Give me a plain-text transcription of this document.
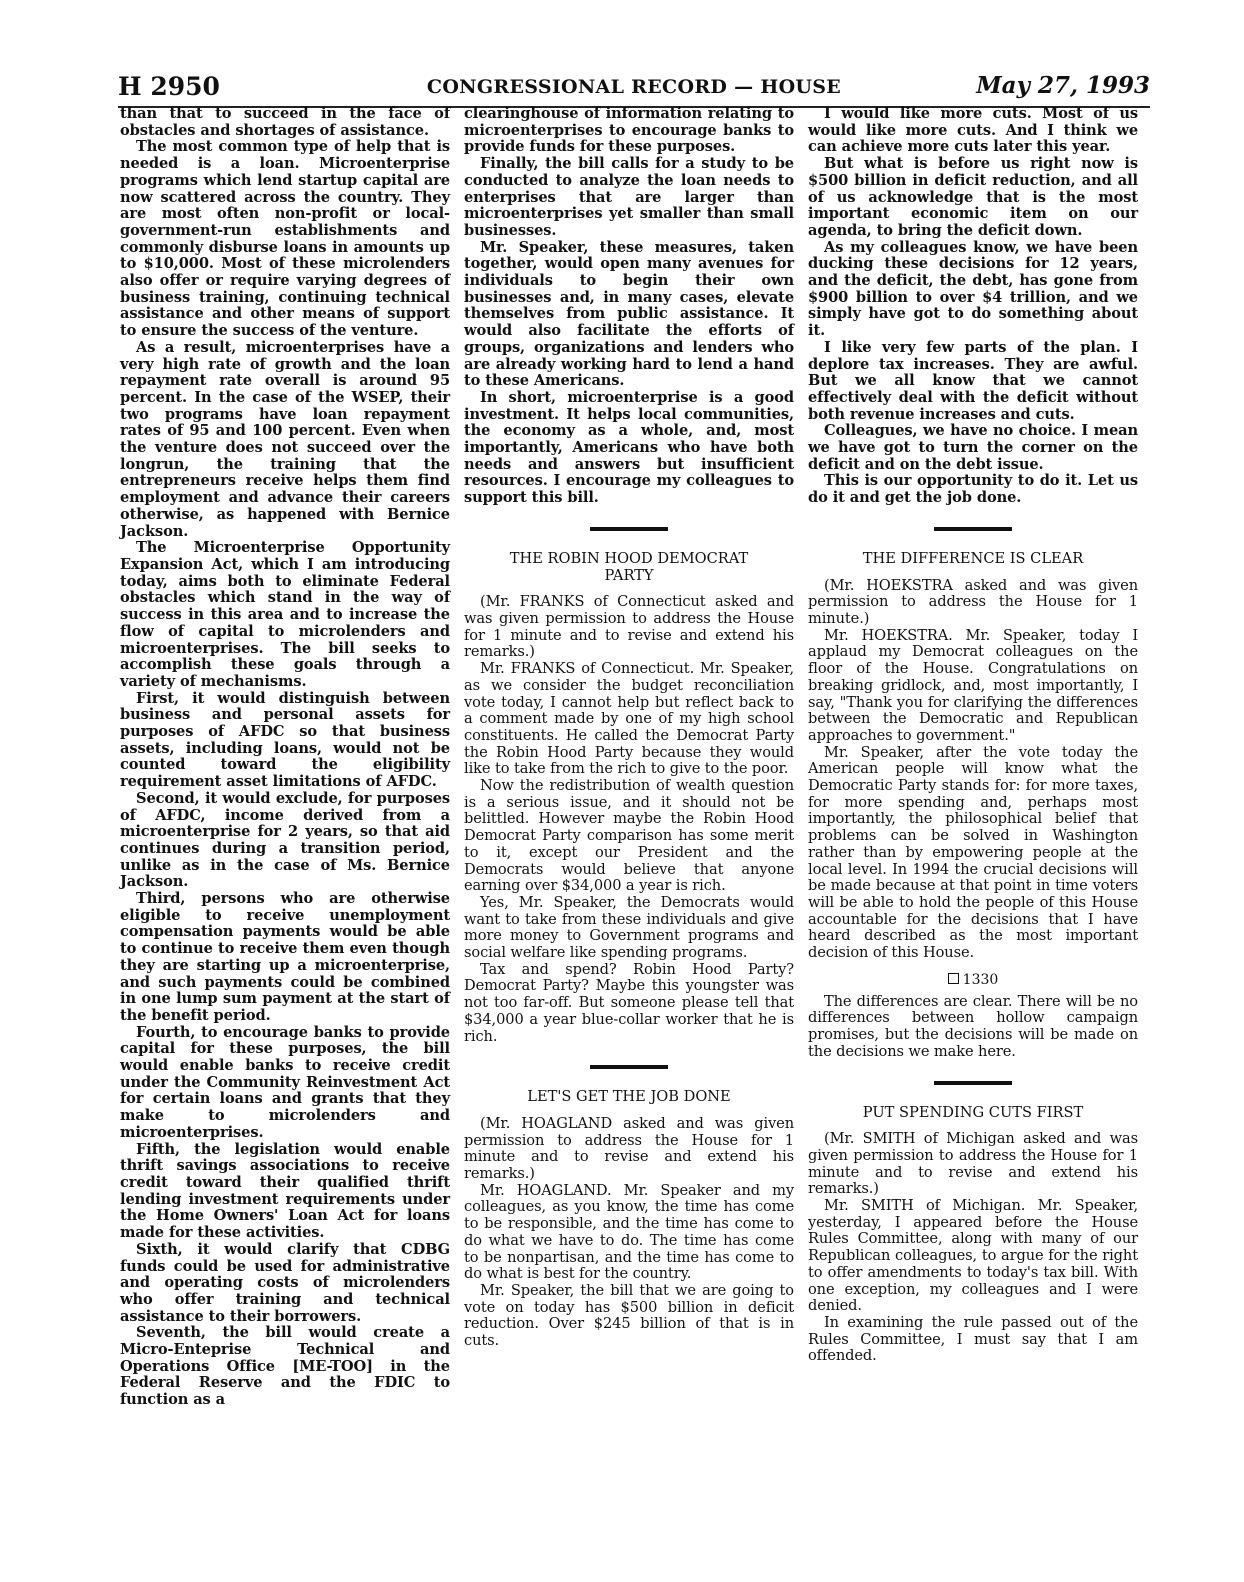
H 2950	CONGRESSIONAL RECORD — HOUSE	May 27, 1993

than that to succeed in the face of obstacles and shortages of assistance.

The most common type of help that is needed is a loan. Microenterprise programs which lend startup capital are now scattered across the country. They are most often non-profit or local-government-run establishments and commonly disburse loans in amounts up to $10,000. Most of these microlenders also offer or require varying degrees of business training, continuing technical assistance and other means of support to ensure the success of the venture.

As a result, microenterprises have a very high rate of growth and the loan repayment rate overall is around 95 percent. In the case of the WSEP, their two programs have loan repayment rates of 95 and 100 percent. Even when the venture does not succeed over the longrun, the training that the entrepreneurs receive helps them find employment and advance their careers otherwise, as happened with Bernice Jackson.

The Microenterprise Opportunity Expansion Act, which I am introducing today, aims both to eliminate Federal obstacles which stand in the way of success in this area and to increase the flow of capital to microlenders and microenterprises. The bill seeks to accomplish these goals through a variety of mechanisms.

First, it would distinguish between business and personal assets for purposes of AFDC so that business assets, including loans, would not be counted toward the eligibility requirement asset limitations of AFDC.

Second, it would exclude, for purposes of AFDC, income derived from a microenterprise for 2 years, so that aid continues during a transition period, unlike as in the case of Ms. Bernice Jackson.

Third, persons who are otherwise eligible to receive unemployment compensation payments would be able to continue to receive them even though they are starting up a microenterprise, and such payments could be combined in one lump sum payment at the start of the benefit period.

Fourth, to encourage banks to provide capital for these purposes, the bill would enable banks to receive credit under the Community Reinvestment Act for certain loans and grants that they make to microlenders and microenterprises.

Fifth, the legislation would enable thrift savings associations to receive credit toward their qualified thrift lending investment requirements under the Home Owners' Loan Act for loans made for these activities.

Sixth, it would clarify that CDBG funds could be used for administrative and operating costs of microlenders who offer training and technical assistance to their borrowers.

Seventh, the bill would create a Micro-Enteprise Technical and Operations Office [ME-TOO] in the Federal Reserve and the FDIC to function as a

clearinghouse of information relating to microenterprises to encourage banks to provide funds for these purposes.

Finally, the bill calls for a study to be conducted to analyze the loan needs to enterprises that are larger than microenterprises yet smaller than small businesses.

Mr. Speaker, these measures, taken together, would open many avenues for individuals to begin their own businesses and, in many cases, elevate themselves from public assistance. It would also facilitate the efforts of groups, organizations and lenders who are already working hard to lend a hand to these Americans.

In short, microenterprise is a good investment. It helps local communities, the economy as a whole, and, most importantly, Americans who have both needs and answers but insufficient resources. I encourage my colleagues to support this bill.

THE ROBIN HOOD DEMOCRAT
PARTY

(Mr. FRANKS of Connecticut asked and was given permission to address the House for 1 minute and to revise and extend his remarks.)

Mr. FRANKS of Connecticut. Mr. Speaker, as we consider the budget reconciliation vote today, I cannot help but reflect back to a comment made by one of my high school constituents. He called the Democrat Party the Robin Hood Party because they would like to take from the rich to give to the poor.

Now the redistribution of wealth question is a serious issue, and it should not be belittled. However maybe the Robin Hood Democrat Party comparison has some merit to it, except our President and the Democrats would believe that anyone earning over $34,000 a year is rich.

Yes, Mr. Speaker, the Democrats would want to take from these individuals and give more money to Government programs and social welfare like spending programs.

Tax and spend? Robin Hood Party? Democrat Party? Maybe this youngster was not too far-off. But someone please tell that $34,000 a year blue-collar worker that he is rich.

LET'S GET THE JOB DONE

(Mr. HOAGLAND asked and was given permission to address the House for 1 minute and to revise and extend his remarks.)

Mr. HOAGLAND. Mr. Speaker and my colleagues, as you know, the time has come to be responsible, and the time has come to do what we have to do. The time has come to be nonpartisan, and the time has come to do what is best for the country.

Mr. Speaker, the bill that we are going to vote on today has $500 billion in deficit reduction. Over $245 billion of that is in cuts.

I would like more cuts. Most of us would like more cuts. And I think we can achieve more cuts later this year.

But what is before us right now is $500 billion in deficit reduction, and all of us acknowledge that is the most important economic item on our agenda, to bring the deficit down.

As my colleagues know, we have been ducking these decisions for 12 years, and the deficit, the debt, has gone from $900 billion to over $4 trillion, and we simply have got to do something about it.

I like very few parts of the plan. I deplore tax increases. They are awful. But we all know that we cannot effectively deal with the deficit without both revenue increases and cuts.

Colleagues, we have no choice. I mean we have got to turn the corner on the deficit and on the debt issue.

This is our opportunity to do it. Let us do it and get the job done.

THE DIFFERENCE IS CLEAR

(Mr. HOEKSTRA asked and was given permission to address the House for 1 minute.)

Mr. HOEKSTRA. Mr. Speaker, today I applaud my Democrat colleagues on the floor of the House. Congratulations on breaking gridlock, and, most importantly, I say, "Thank you for clarifying the differences between the Democratic and Republican approaches to government."

Mr. Speaker, after the vote today the American people will know what the Democratic Party stands for: for more taxes, for more spending and, perhaps most importantly, the philosophical belief that problems can be solved in Washington rather than by empowering people at the local level. In 1994 the crucial decisions will be made because at that point in time voters will be able to hold the people of this House accountable for the decisions that I have heard described as the most important decision of this House.

1330

The differences are clear. There will be no differences between hollow campaign promises, but the decisions will be made on the decisions we make here.

PUT SPENDING CUTS FIRST

(Mr. SMITH of Michigan asked and was given permission to address the House for 1 minute and to revise and extend his remarks.)

Mr. SMITH of Michigan. Mr. Speaker, yesterday, I appeared before the House Rules Committee, along with many of our Republican colleagues, to argue for the right to offer amendments to today's tax bill. With one exception, my colleagues and I were denied.

In examining the rule passed out of the Rules Committee, I must say that I am offended.
